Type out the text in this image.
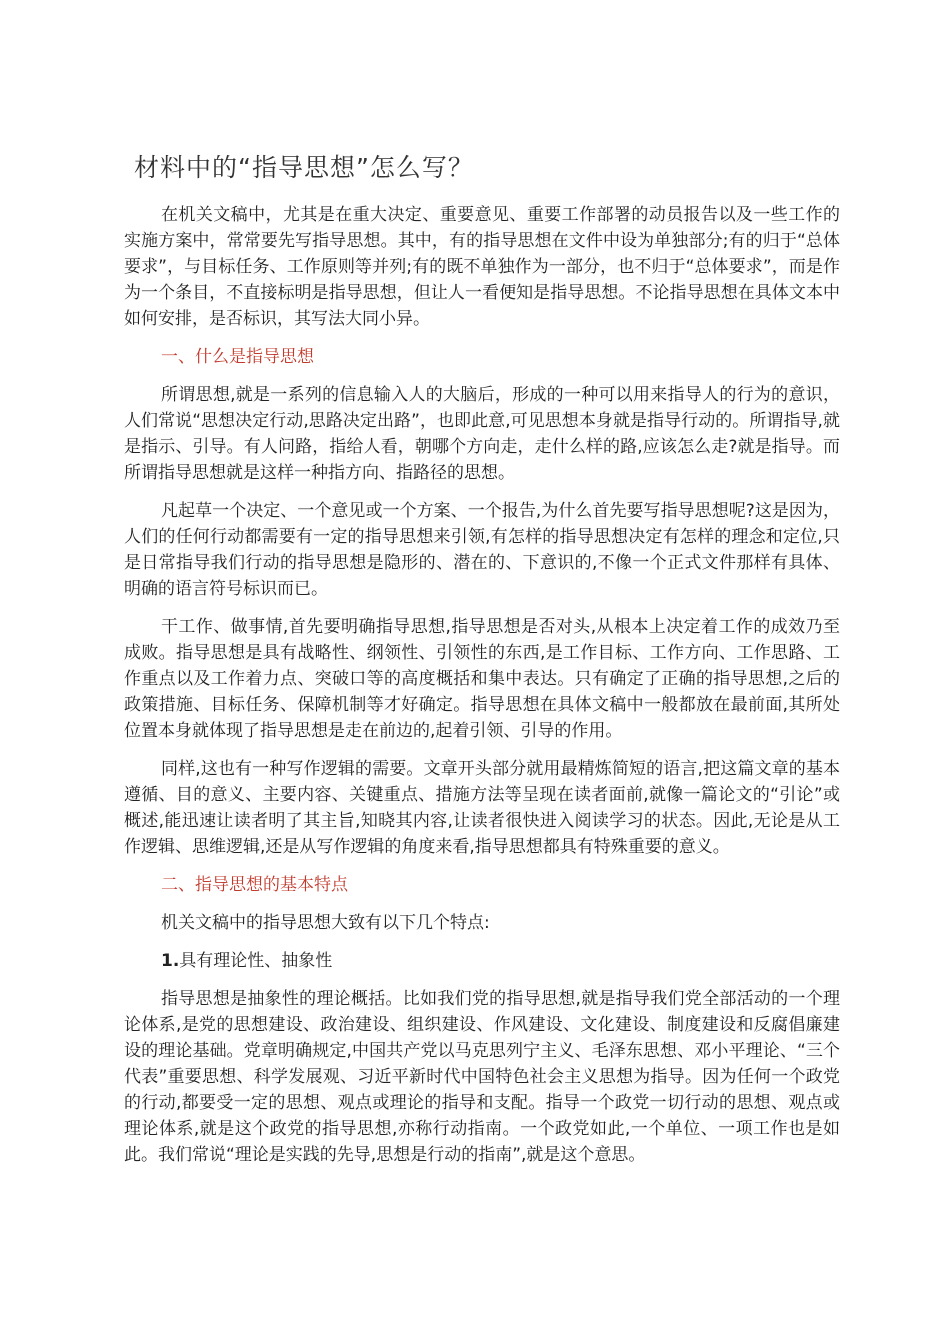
材料中的“指导思想”怎么写？

在机关文稿中，尤其是在重大决定、重要意见、重要工作部署的动员报告以及一些工作的实施方案中，常常要先写指导思想。其中，有的指导思想在文件中设为单独部分;有的归于“总体要求”，与目标任务、工作原则等并列;有的既不单独作为一部分，也不归于“总体要求”，而是作为一个条目，不直接标明是指导思想，但让人一看便知是指导思想。不论指导思想在具体文本中如何安排，是否标识，其写法大同小异。

一、什么是指导思想

所谓思想,就是一系列的信息输入人的大脑后，形成的一种可以用来指导人的行为的意识，人们常说“思想决定行动,思路决定出路”，也即此意,可见思想本身就是指导行动的。所谓指导,就是指示、引导。有人问路，指给人看，朝哪个方向走，走什么样的路,应该怎么走?就是指导。而所谓指导思想就是这样一种指方向、指路径的思想。

凡起草一个决定、一个意见或一个方案、一个报告,为什么首先要写指导思想呢?这是因为，人们的任何行动都需要有一定的指导思想来引领,有怎样的指导思想决定有怎样的理念和定位,只是日常指导我们行动的指导思想是隐形的、潜在的、下意识的,不像一个正式文件那样有具体、明确的语言符号标识而已。

干工作、做事情,首先要明确指导思想,指导思想是否对头,从根本上决定着工作的成效乃至成败。指导思想是具有战略性、纲领性、引领性的东西,是工作目标、工作方向、工作思路、工作重点以及工作着力点、突破口等的高度概括和集中表达。只有确定了正确的指导思想,之后的政策措施、目标任务、保障机制等才好确定。指导思想在具体文稿中一般都放在最前面,其所处位置本身就体现了指导思想是走在前边的,起着引领、引导的作用。

同样,这也有一种写作逻辑的需要。文章开头部分就用最精炼简短的语言,把这篇文章的基本遵循、目的意义、主要内容、关键重点、措施方法等呈现在读者面前,就像一篇论文的“引论”或概述,能迅速让读者明了其主旨,知晓其内容,让读者很快进入阅读学习的状态。因此,无论是从工作逻辑、思维逻辑,还是从写作逻辑的角度来看,指导思想都具有特殊重要的意义。

二、指导思想的基本特点
机关文稿中的指导思想大致有以下几个特点:
1.具有理论性、抽象性

指导思想是抽象性的理论概括。比如我们党的指导思想,就是指导我们党全部活动的一个理论体系,是党的思想建设、政治建设、组织建设、作风建设、文化建设、制度建设和反腐倡廉建设的理论基础。党章明确规定,中国共产党以马克思列宁主义、毛泽东思想、邓小平理论、“三个代表”重要思想、科学发展观、习近平新时代中国特色社会主义思想为指导。因为任何一个政党的行动,都要受一定的思想、观点或理论的指导和支配。指导一个政党一切行动的思想、观点或理论体系,就是这个政党的指导思想,亦称行动指南。一个政党如此,一个单位、一项工作也是如此。我们常说“理论是实践的先导,思想是行动的指南”,就是这个意思。
